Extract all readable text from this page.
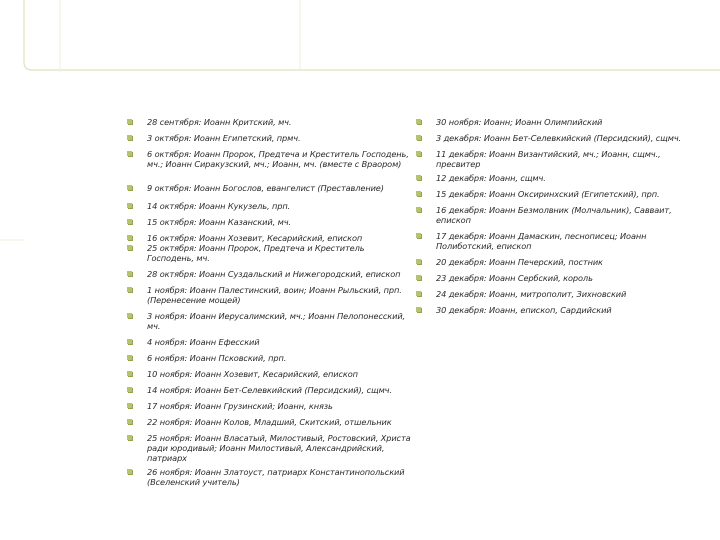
28 сентября: Иоанн Критский, мч.
3 октября: Иоанн Египетский, прмч.
6 октября: Иоанн Пророк, Предтеча и Креститель Господень, мч.; Иоанн Сиракузский, мч.; Иоанн, мч. (вместе с Враором)
9 октября: Иоанн Богослов, евангелист (Преставление)
14 октября: Иоанн Кукузель, прп.
15 октября: Иоанн Казанский, мч.
16 октября: Иоанн Хозевит, Кесарийский, епископ
25 октября: Иоанн Пророк, Предтеча и Креститель Господень, мч.
28 октября: Иоанн Суздальский и Нижегородский, епископ
1 ноября: Иоанн Палестинский, воин; Иоанн Рыльский, прп. (Перенесение мощей)
3 ноября: Иоанн Иерусалимский, мч.; Иоанн Пелопонесский, мч.
4 ноября: Иоанн Ефесский
6 ноября: Иоанн Псковский, прп.
10 ноября: Иоанн Хозевит, Кесарийский, епископ
14 ноября: Иоанн Бет-Селевкийский (Персидский), сщмч.
17 ноября: Иоанн Грузинский; Иоанн, князь
22 ноября: Иоанн Колов, Младший, Скитский, отшельник
25 ноября: Иоанн Власатый, Милостивый, Ростовский, Христа ради юродивый; Иоанн Милостивый, Александрийский, патриарх
26 ноября: Иоанн Златоуст, патриарх Константинопольский (Вселенский учитель)
30 ноября: Иоанн; Иоанн Олимпийский
3 декабря: Иоанн Бет-Селевкийский (Персидский), сщмч.
11 декабря: Иоанн Византийский, мч.; Иоанн, сщмч., пресвитер
12 декабря: Иоанн, сщмч.
15 декабря: Иоанн Оксиринхский (Египетский), прп.
16 декабря: Иоанн Безмолвник (Молчальник), Савваит, епископ
17 декабря: Иоанн Дамаскин, песнописец; Иоанн Полиботский, епископ
20 декабря: Иоанн Печерский, постник
23 декабря: Иоанн Сербский, король
24 декабря: Иоанн, митрополит, Зихновский
30 декабря: Иоанн, епископ, Сардийский
